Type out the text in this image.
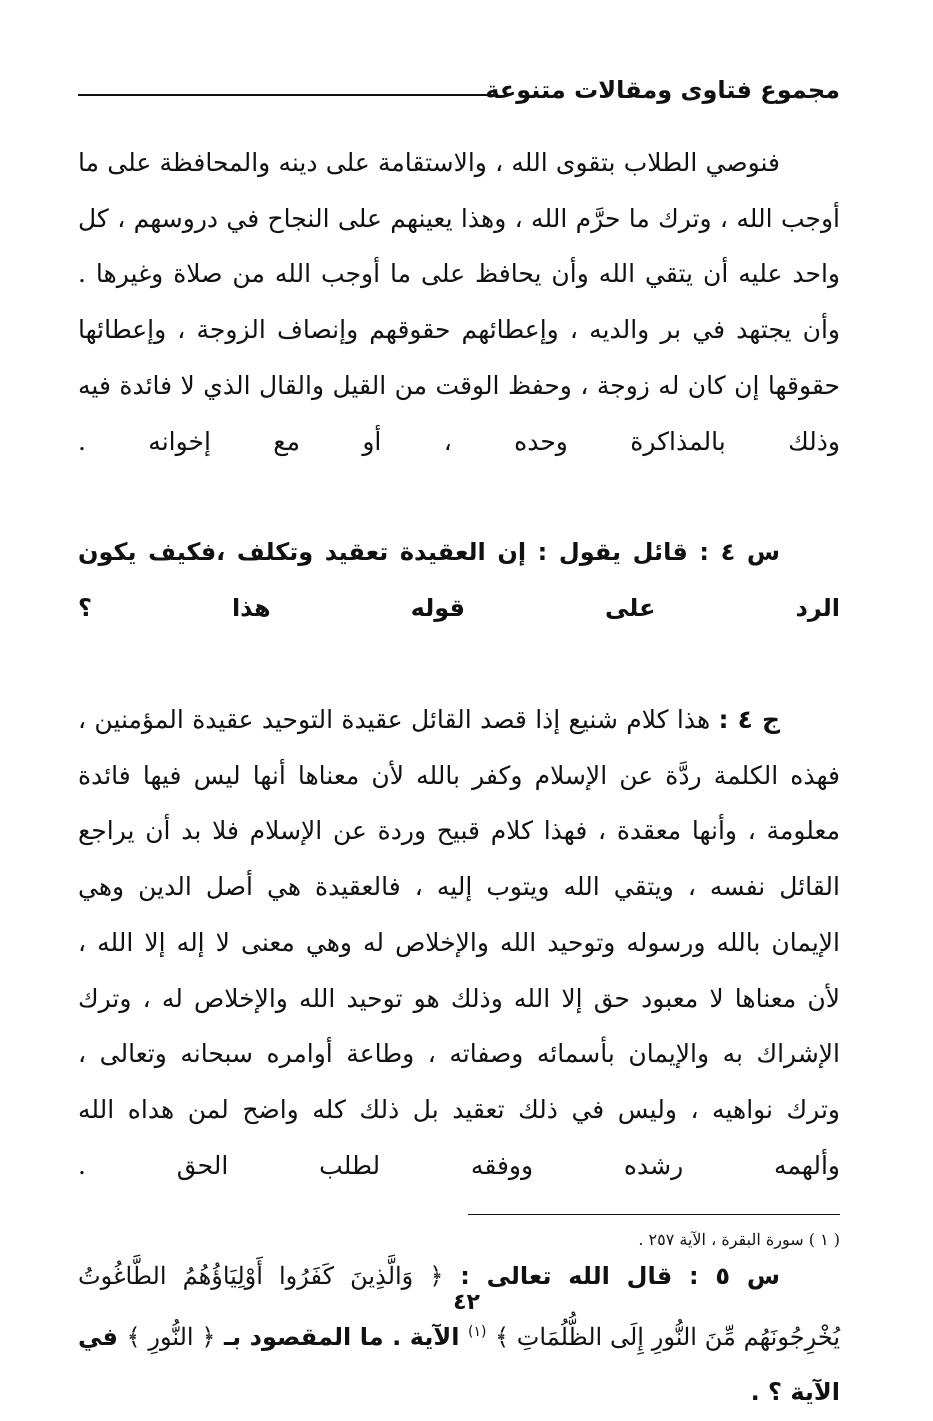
مجموع فتاوى ومقالات متنوعة

فنوصي الطلاب بتقوى الله ، والاستقامة على دينه والمحافظة على ما أوجب الله ، وترك ما حرَّم الله ، وهذا يعينهم على النجاح في دروسهم ، كل واحد عليه أن يتقي الله وأن يحافظ على ما أوجب الله من صلاة وغيرها . وأن يجتهد في بر والديه ، وإعطائهم حقوقهم وإنصاف الزوجة ، وإعطائها حقوقها إن كان له زوجة ، وحفظ الوقت من القيل والقال الذي لا فائدة فيه وذلك بالمذاكرة وحده ، أو مع إخوانه .

س ٤ : قائل يقول : إن العقيدة تعقيد وتكلف ،فكيف يكون الرد على قوله هذا ؟

ج ٤ : هذا كلام شنيع إذا قصد القائل عقيدة التوحيد عقيدة المؤمنين ، فهذه الكلمة ردَّة عن الإسلام وكفر بالله لأن معناها أنها ليس فيها فائدة معلومة ، وأنها معقدة ، فهذا كلام قبيح وردة عن الإسلام فلا بد أن يراجع القائل نفسه ، ويتقي الله ويتوب إليه ، فالعقيدة هي أصل الدين وهي الإيمان بالله ورسوله وتوحيد الله والإخلاص له وهي معنى لا إله إلا الله ، لأن معناها لا معبود حق إلا الله وذلك هو توحيد الله والإخلاص له ، وترك الإشراك به والإيمان بأسمائه وصفاته ، وطاعة أوامره سبحانه وتعالى ، وترك نواهيه ، وليس في ذلك تعقيد بل ذلك كله واضح لمن هداه الله وألهمه رشده ووفقه لطلب الحق .

س ٥ : قال الله تعالى : ﴿ وَالَّذِينَ كَفَرُوا أَوْلِيَاؤُهُمُ الطَّاغُوتُ يُخْرِجُونَهُم مِّنَ النُّورِ إِلَى الظُّلُمَاتِ ﴾ $^{(١)}$ الآية . ما المقصود بـ ﴿ النُّورِ ﴾ في الآية ؟ .

( ١ ) سورة البقرة ، الآية ٢٥٧ .
٤٢
